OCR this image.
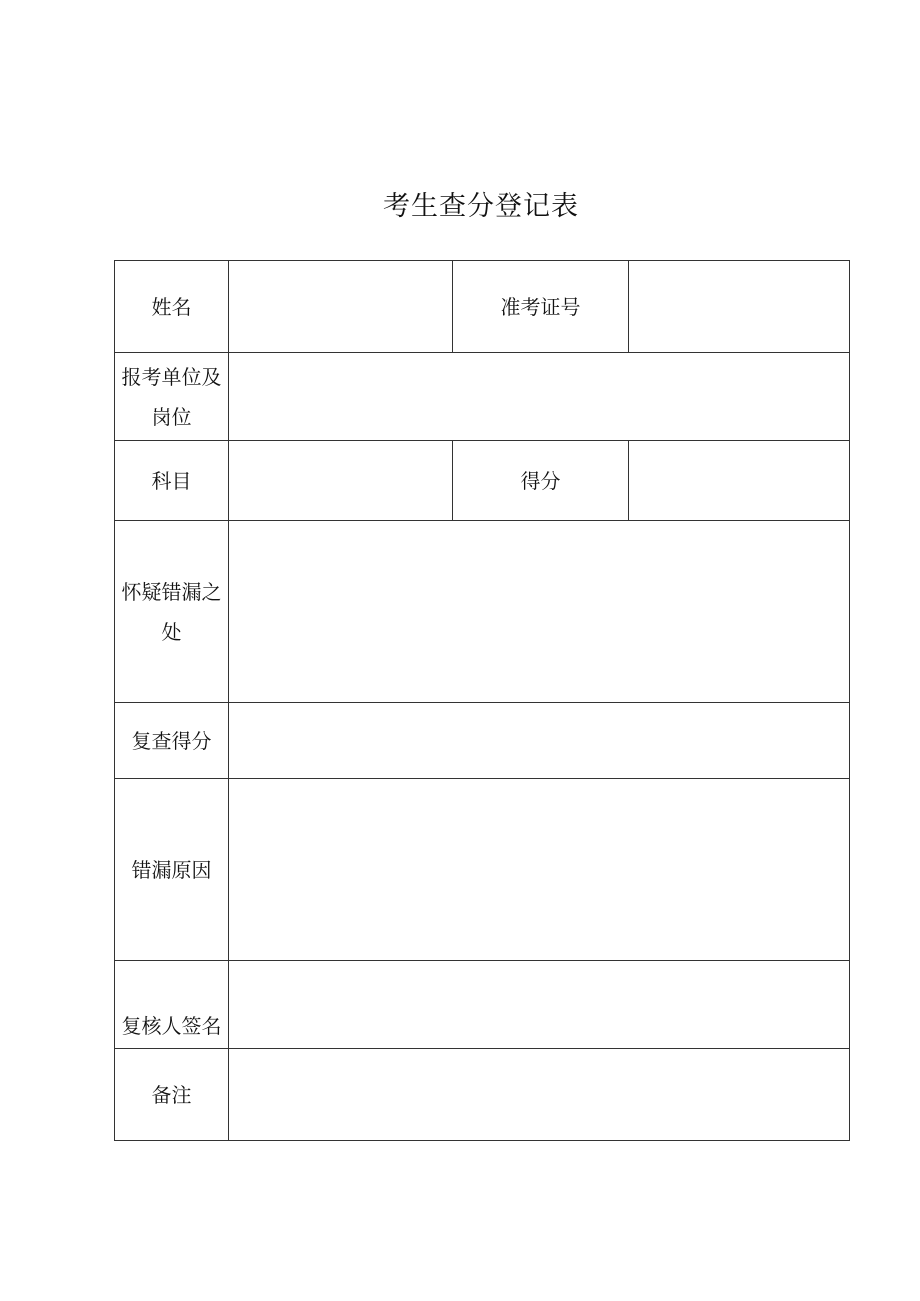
考生查分登记表
姓名		准考证号	
报考单位及岗位			
科目		得分	
怀疑错漏之处			
复查得分			
错漏原因			
复核人签名			
备注			
